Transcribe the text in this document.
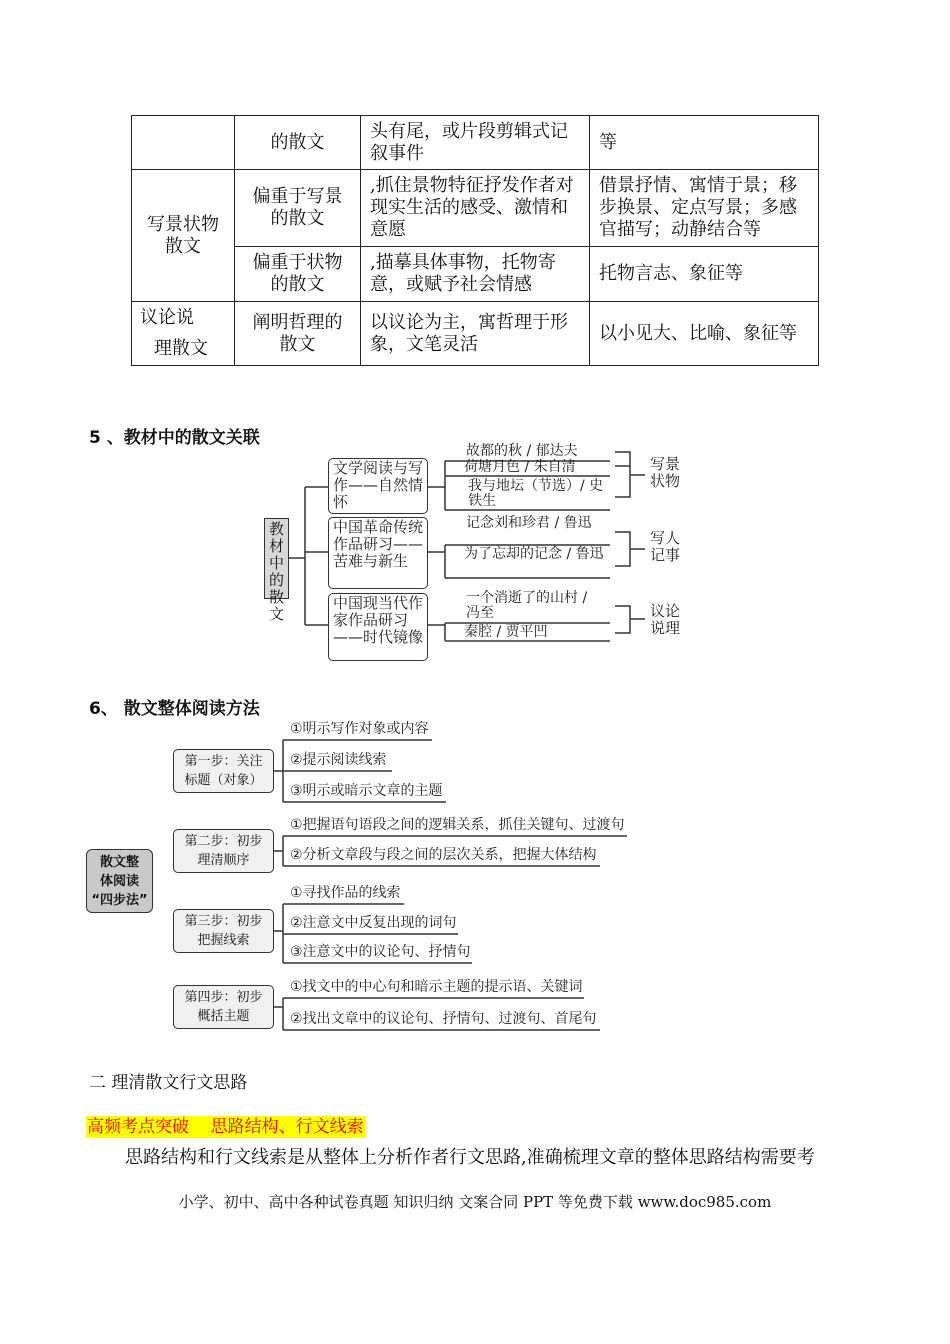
	的散文	头有尾，或片段剪辑式记叙事件	等
写景状物散文	偏重于写景的散文	,抓住景物特征抒发作者对现实生活的感受、激情和意愿	借景抒情、寓情于景；移步换景、定点写景；多感官描写；动静结合等
	偏重于状物的散文	,描摹具体事物，托物寄意，或赋予社会情感	托物言志、象征等

议论说
理散文	阐明哲理的散文	以议论为主，寓哲理于形象，文笔灵活	以小见大、比喻、象征等
5 、教材中的散文关联
教材中的散文
文学阅读与写作——自然情怀
中国革命传统作品研习——苦难与新生
中国现当代作家作品研习——时代镜像
故都的秋 / 郁达夫
荷塘月色 / 朱自清
我与地坛（节选）/ 史铁生
记念刘和珍君 / 鲁迅
为了忘却的记念 / 鲁迅
一个消逝了的山村 / 冯至
秦腔 / 贾平凹
写景状物
写人记事
议论说理
6、 散文整体阅读方法
散文整
体阅读
“四步法”
第一步：关注
标题（对象）
第二步：初步
理清顺序
第三步：初步
把握线索
第四步：初步
概括主题
①明示写作对象或内容
②提示阅读线索
③明示或暗示文章的主题
①把握语句语段之间的逻辑关系，抓住关键句、过渡句
②分析文章段与段之间的层次关系，把握大体结构
①寻找作品的线索
②注意文中反复出现的词句
③注意文中的议论句、抒情句
①找文中的中心句和暗示主题的提示语、关键词
②找出文章中的议论句、抒情句、过渡句、首尾句
二 理清散文行文思路
高频考点突破    思路结构、行文线索
思路结构和行文线索是从整体上分析作者行文思路,准确梳理文章的整体思路结构需要考
小学、初中、高中各种试卷真题 知识归纳 文案合同 PPT 等免费下载 www.doc985.com
